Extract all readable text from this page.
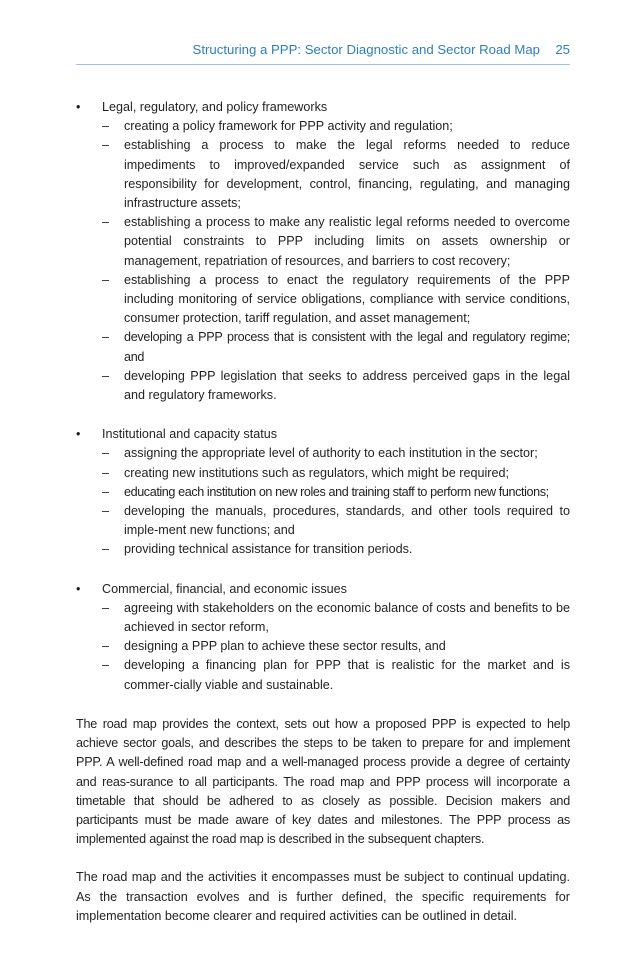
Structuring a PPP: Sector Diagnostic and Sector Road Map 25
• Legal, regulatory, and policy frameworks
– creating a policy framework for PPP activity and regulation;
– establishing a process to make the legal reforms needed to reduce impediments to improved/expanded service such as assignment of responsibility for development, control, financing, regulating, and managing infrastructure assets;
– establishing a process to make any realistic legal reforms needed to overcome potential constraints to PPP including limits on assets ownership or management, repatriation of resources, and barriers to cost recovery;
– establishing a process to enact the regulatory requirements of the PPP including monitoring of service obligations, compliance with service conditions, consumer protection, tariff regulation, and asset management;
– developing a PPP process that is consistent with the legal and regulatory regime; and
– developing PPP legislation that seeks to address perceived gaps in the legal and regulatory frameworks.
• Institutional and capacity status
– assigning the appropriate level of authority to each institution in the sector;
– creating new institutions such as regulators, which might be required;
– educating each institution on new roles and training staff to perform new functions;
– developing the manuals, procedures, standards, and other tools required to imple-ment new functions; and
– providing technical assistance for transition periods.
• Commercial, financial, and economic issues
– agreeing with stakeholders on the economic balance of costs and benefits to be achieved in sector reform,
– designing a PPP plan to achieve these sector results, and
– developing a financing plan for PPP that is realistic for the market and is commer-cially viable and sustainable.

The road map provides the context, sets out how a proposed PPP is expected to help achieve sector goals, and describes the steps to be taken to prepare for and implement PPP. A well-defined road map and a well-managed process provide a degree of certainty and reas-surance to all participants. The road map and PPP process will incorporate a timetable that should be adhered to as closely as possible. Decision makers and participants must be made aware of key dates and milestones. The PPP process as implemented against the road map is described in the subsequent chapters.

The road map and the activities it encompasses must be subject to continual updating. As the transaction evolves and is further defined, the specific requirements for implementation become clearer and required activities can be outlined in detail.
